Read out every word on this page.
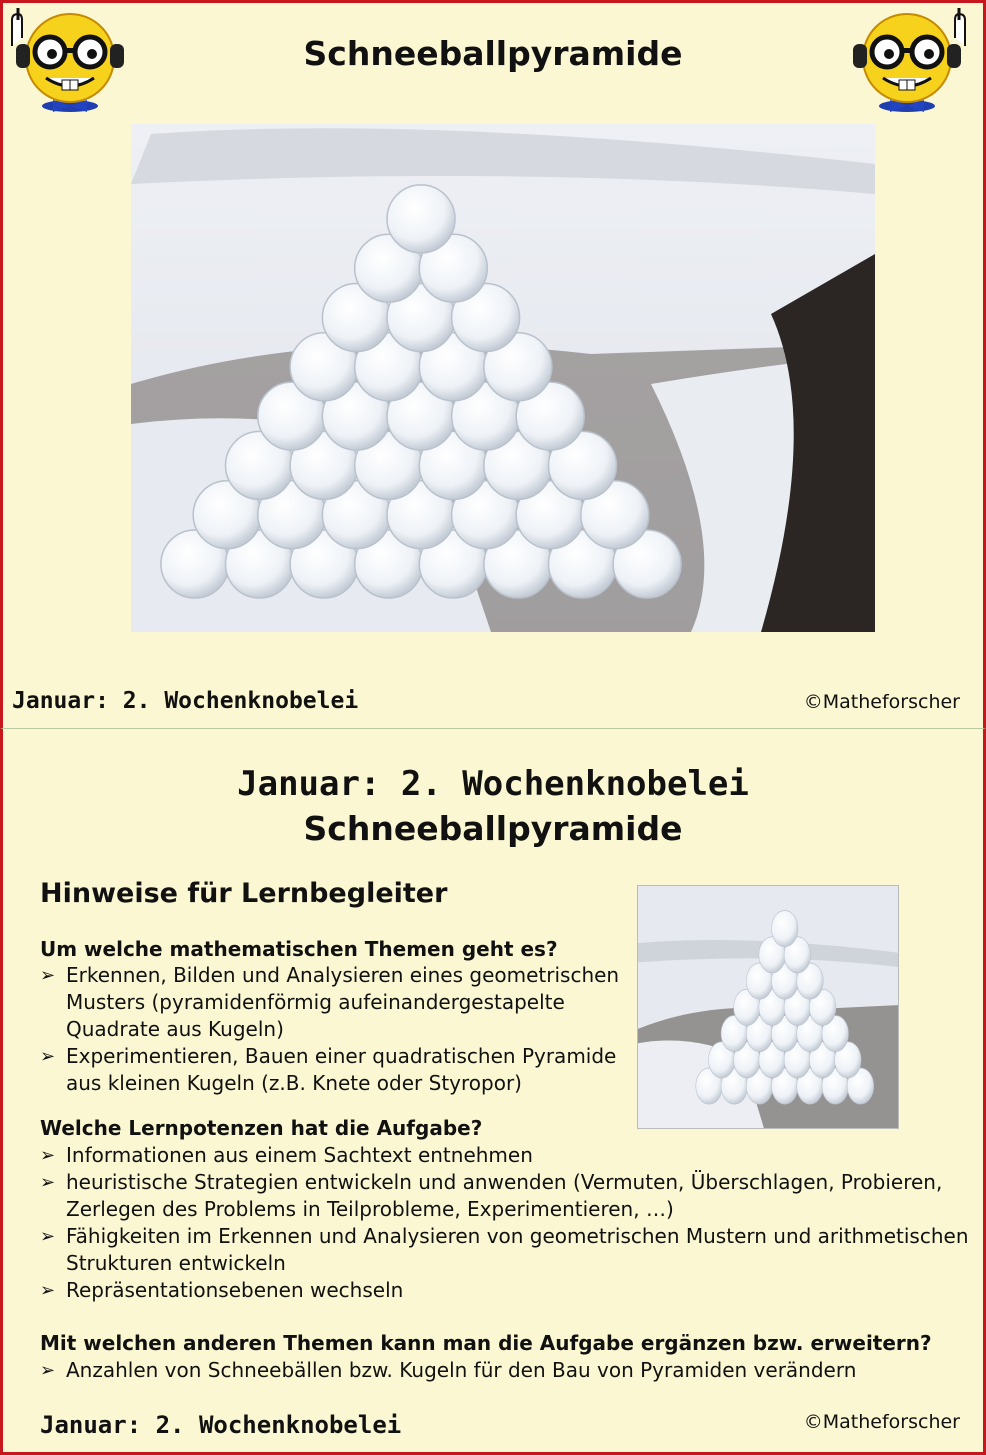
Schneeballpyramide
Januar: 2. Wochenknobelei	©Matheforscher
Januar: 2. Wochenknobelei
Schneeballpyramide
Hinweise für Lernbegleiter
Um welche mathematischen Themen geht es?
➢ Erkennen, Bilden und Analysieren eines geometrischen Musters (pyramidenförmig aufeinandergestapelte Quadrate aus Kugeln)
➢ Experimentieren, Bauen einer quadratischen Pyramide aus kleinen Kugeln (z.B. Knete oder Styropor)
Welche Lernpotenzen hat die Aufgabe?
➢ Informationen aus einem Sachtext entnehmen
➢ heuristische Strategien entwickeln und anwenden (Vermuten, Überschlagen, Probieren, Zerlegen des Problems in Teilprobleme, Experimentieren, …)
➢ Fähigkeiten im Erkennen und Analysieren von geometrischen Mustern und arithmetischen Strukturen entwickeln
➢ Repräsentationsebenen wechseln
Mit welchen anderen Themen kann man die Aufgabe ergänzen bzw. erweitern?
➢ Anzahlen von Schneebällen bzw. Kugeln für den Bau von Pyramiden verändern
Januar: 2. Wochenknobelei	©Matheforscher
